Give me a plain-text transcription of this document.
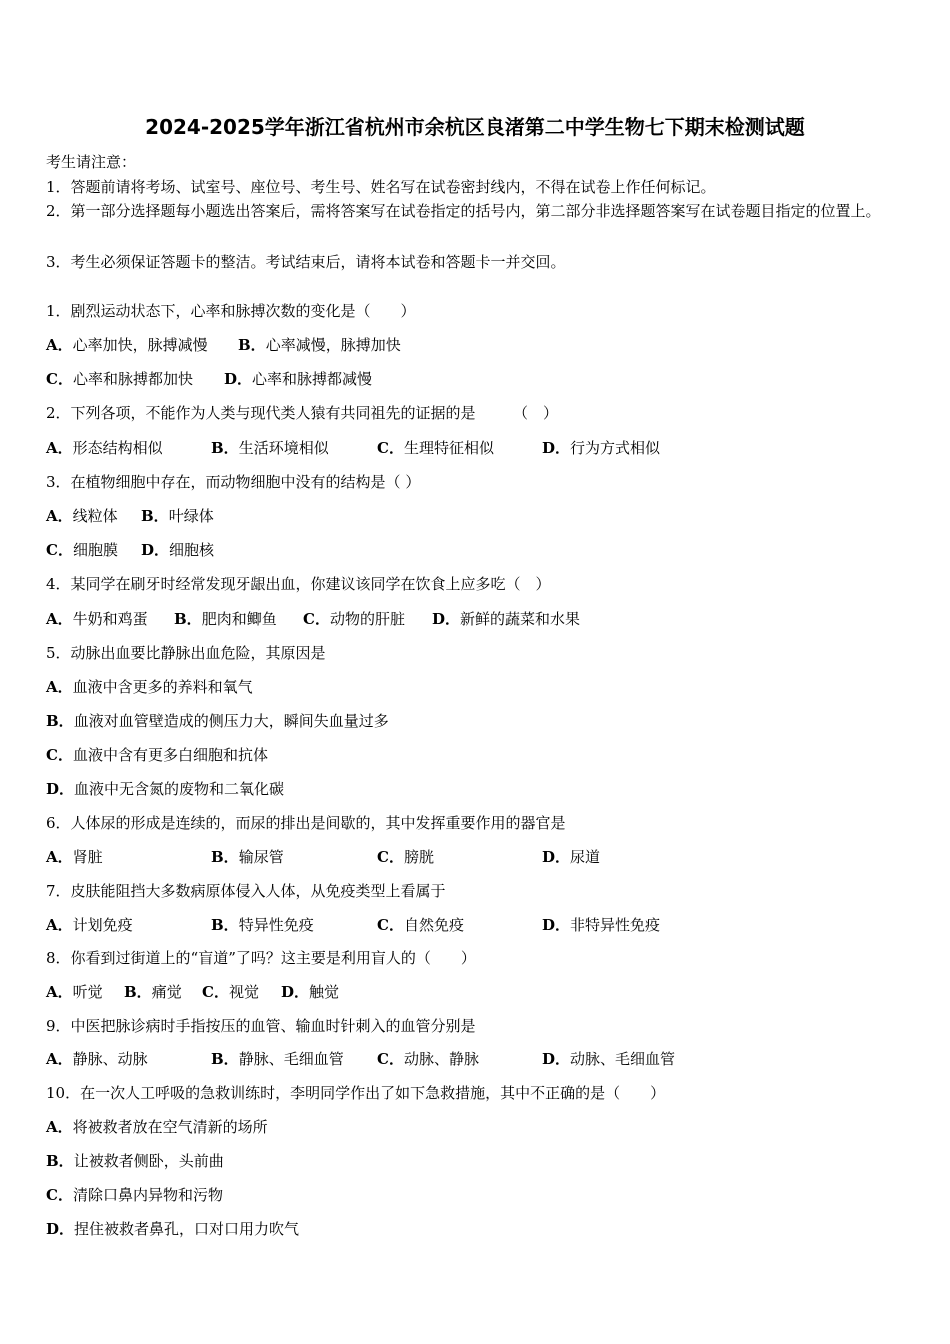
2024-2025学年浙江省杭州市余杭区良渚第二中学生物七下期末检测试题
考生请注意：
1．答题前请将考场、试室号、座位号、考生号、姓名写在试卷密封线内，不得在试卷上作任何标记。
2．第一部分选择题每小题选出答案后，需将答案写在试卷指定的括号内，第二部分非选择题答案写在试卷题目指定的位置上。
3．考生必须保证答题卡的整洁。考试结束后，请将本试卷和答题卡一并交回。
1．剧烈运动状态下，心率和脉搏次数的变化是（　　）
A．心率加快，脉搏减慢 B．心率减慢，脉搏加快
C．心率和脉搏都加快 D．心率和脉搏都减慢
2．下列各项，不能作为人类与现代类人猿有共同祖先的证据的是　　　（　）
A．形态结构相似	B．生活环境相似	C．生理特征相似	D．行为方式相似
3．在植物细胞中存在，而动物细胞中没有的结构是（ ）
A．线粒体 B．叶绿体
C．细胞膜 D．细胞核
4．某同学在刷牙时经常发现牙龈出血，你建议该同学在饮食上应多吃（　）
A．牛奶和鸡蛋 B．肥肉和鲫鱼 C．动物的肝脏 D．新鲜的蔬菜和水果
5．动脉出血要比静脉出血危险，其原因是
A．血液中含更多的养料和氧气
B．血液对血管壁造成的侧压力大，瞬间失血量过多
C．血液中含有更多白细胞和抗体
D．血液中无含氮的废物和二氧化碳
6．人体尿的形成是连续的，而尿的排出是间歇的，其中发挥重要作用的器官是
A．肾脏	B．输尿管	C．膀胱	D．尿道
7．皮肤能阻挡大多数病原体侵入人体，从免疫类型上看属于
A．计划免疫	B．特异性免疫	C．自然免疫	D．非特异性免疫
8．你看到过街道上的“盲道”了吗？这主要是利用盲人的（　　）
A．听觉 B．痛觉 C．视觉 D．触觉
9．中医把脉诊病时手指按压的血管、输血时针刺入的血管分别是
A．静脉、动脉	B．静脉、毛细血管 C．动脉、静脉	D．动脉、毛细血管
10．在一次人工呼吸的急救训练时，李明同学作出了如下急救措施，其中不正确的是（　　）
A．将被救者放在空气清新的场所
B．让被救者侧卧，头前曲
C．清除口鼻内异物和污物
D．捏住被救者鼻孔，口对口用力吹气
